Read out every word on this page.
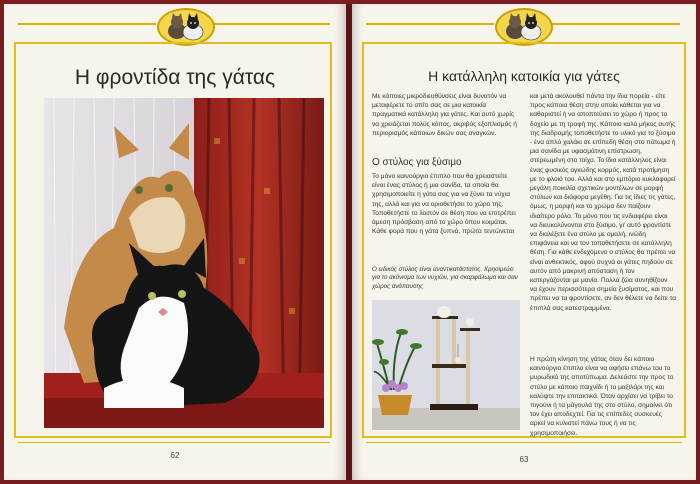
Η φροντίδα της γάτας
62
Η κατάλληλη κατοικία για γάτες

Με κάποιες μικροδιευθύνσεις είναι δυνατόν να μεταφέρετε το σπίτι σας σε μια κατοικία πραγματικά κατάλληλη για γάτες. Και αυτό χωρίς να χρειάζεται πολύς κόπος, ακριβός εξοπλισμός ή περιορισμός κάποιων δικών σας αναγκών.

Ο στύλος για ξύσιμο

Το μόνο καινούργιο έπιπλο που θα χρειαστείτε είναι ένας στύλος ή μια σανίδα, τα οποία θα χρησιμοποιείτε η γάτα σας για να ξύνει τα νύχια της, αλλά και για να οριοθετήσει το χώρο της. Τοποθετήστε το λοιπόν σε θέση που να επιτρέπει άμεση πρόσβαση από το χώρο όπου κοιμάται. Κάθε φορά που η γάτα ξυπνά, πρώτα τεντώνεται

Ο ειδικός στύλος είναι αναντικατάστατος. Χρησιμεύει για το ακόνισμα των νυχιών, για σκαρφάλωμα και σαν χώρος ανάπαυσης

και μετά ακολουθεί πάντα την ίδια πορεία - είτε προς κάποια θέση στην οποία κάθεται για να καθαριστεί ή να αποπτεύσει το χώρο ή προς το δοχείο με τη τροφή της. Κάποιο καλό μήκος αυτής της διαδρομής τοποθετήστε το υλικό για το ξύσιμο - ένα απλό χαλάκι σε επίπεδη θέση στο πάτωμα ή μια σανίδα με υφασμάτινη επίστρωση, στερεωμένη στο τοίχο. Το ίδιο κατάλληλος είναι ένας φυσικός ογκώδης κορμός, κατά προτίμηση με το φλοιό του. Αλλά και στο εμπόριο κυκλοφορεί μεγάλη ποικιλία σχετικών μοντέλων σε μορφή στύλων και διάφορα μεγέθη. Για τις ίδιες τις γάτες, όμως, η μορφή και το χρώμα δεν παίζουν ιδιαίτερο ρόλο. Το μόνο που τις ενδιαφέρει είναι να διευκολύνονται στο ξύσιμο, γι' αυτό φροντίστε να διαλέξετε ένα στύλο με ομαλή, ινώδη επιφάνεια και να τον τοποθετήσετε σε κατάλληλη θέση. Για κάθε ενδεχόμενο ο στύλος θα πρέπει να είναι ανθεκτικός, αφού συχνά οι γάτες πηδούν σε αυτόν από μακρινή απόσταση ή τον κατεργάζονται με μανία. Πολλά ζώα συνηθίζουν να έχουν περισσότερα σημεία ξυσίματος, και που πρέπει να τα φροντίσετε, αν δεν θέλετε να δείτε τα έπιπλά σας κατεστραμμένα.

Η πρώτη κίνηση της γάτας όταν δει κάποιο καινούργιο έπιπλο είναι να αφήσει επάνω του το μυρωδικό της αποτύπωμα. Δελεάστε την προς το στύλο με κάποιο παιχνίδι ή το μαξιλάρι της και καλύψτε την επιτακτικά. Όταν αρχίσει να τρίβει το πιγούνι ή τα μάγουλά της στο στύλο, σημαίνει ότι τον έχει αποδεχτεί. Για τις επίπεδες συσκευές αρκεί να κυλιστεί πάνω τους ή να τις χρησιμοποιήσει.

63
